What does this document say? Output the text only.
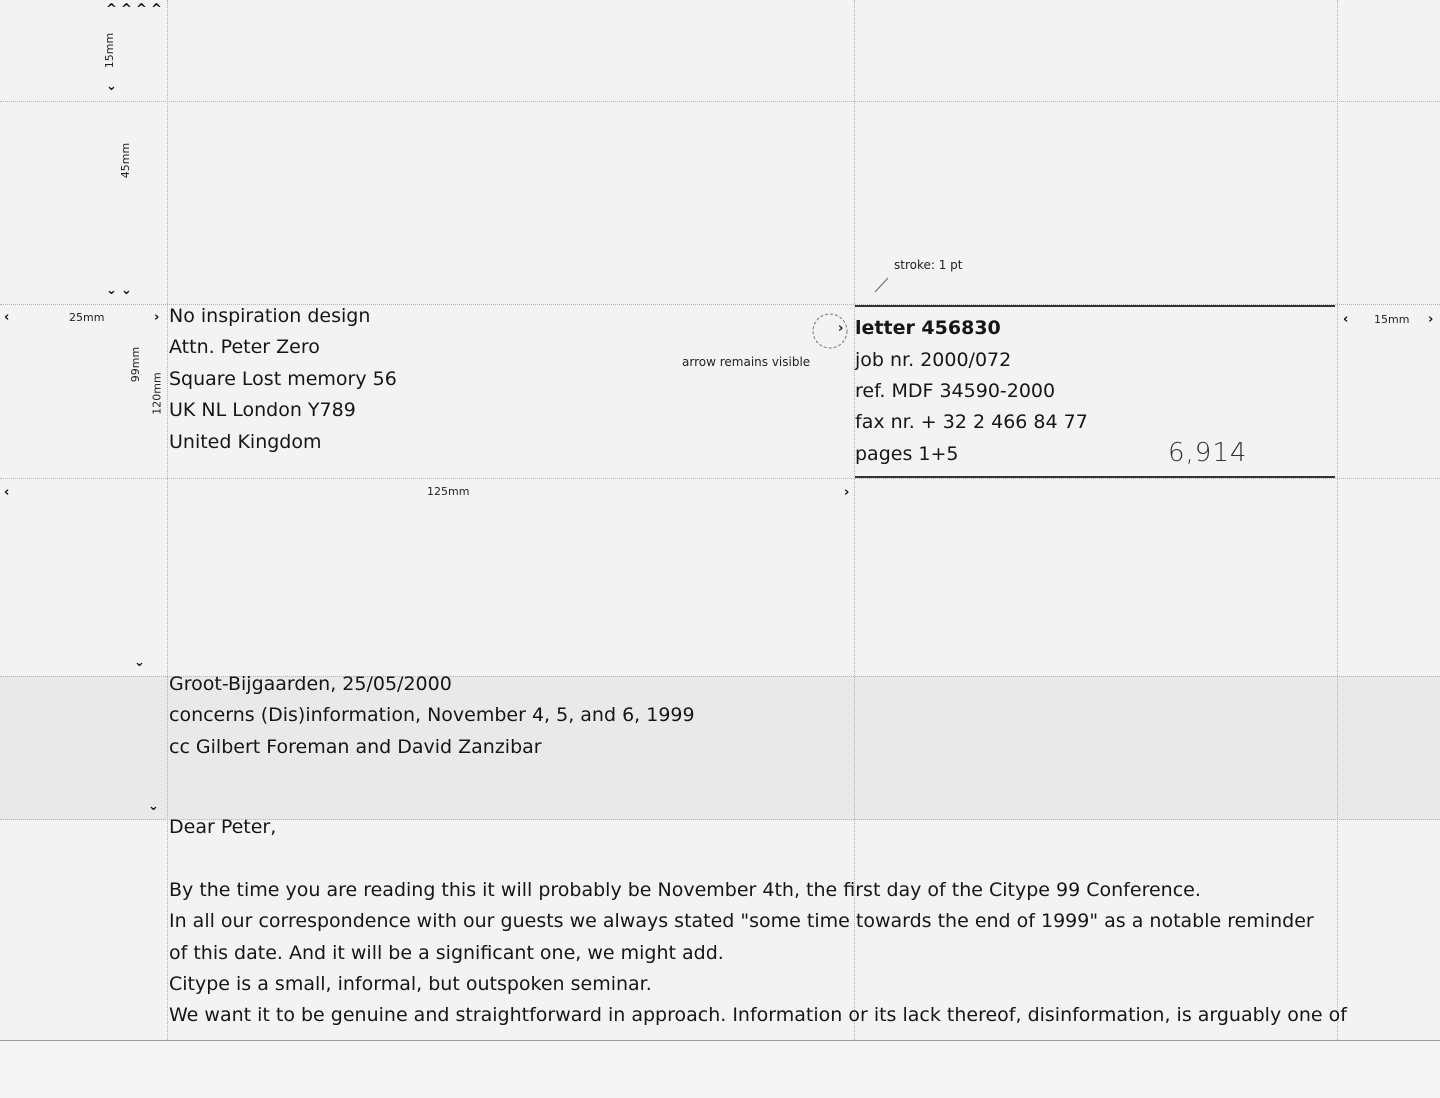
^ ^ ^ ^
⌄
⌄ ⌄
‹	›
›
‹	›
‹	›
⌄
⌄
15mm
45mm
25mm
99mm
120mm
15mm
125mm
stroke: 1 pt
arrow remains visible
6,914
No inspiration design
Attn. Peter Zero
Square Lost memory 56
UK NL London Y789
United Kingdom
letter 456830
job nr. 2000/072
ref. MDF 34590-2000
fax nr. + 32 2 466 84 77
pages 1+5
Groot-Bijgaarden, 25/05/2000
concerns (Dis)information, November 4, 5, and 6, 1999
cc Gilbert Foreman and David Zanzibar
Dear Peter,
By the time you are reading this it will probably be November 4th, the first day of the Citype 99 Conference.
In all our correspondence with our guests we always stated "some time towards the end of 1999" as a notable reminder
of this date. And it will be a significant one, we might add.
Citype is a small, informal, but outspoken seminar.
We want it to be genuine and straightforward in approach. Information or its lack thereof, disinformation, is arguably one of
